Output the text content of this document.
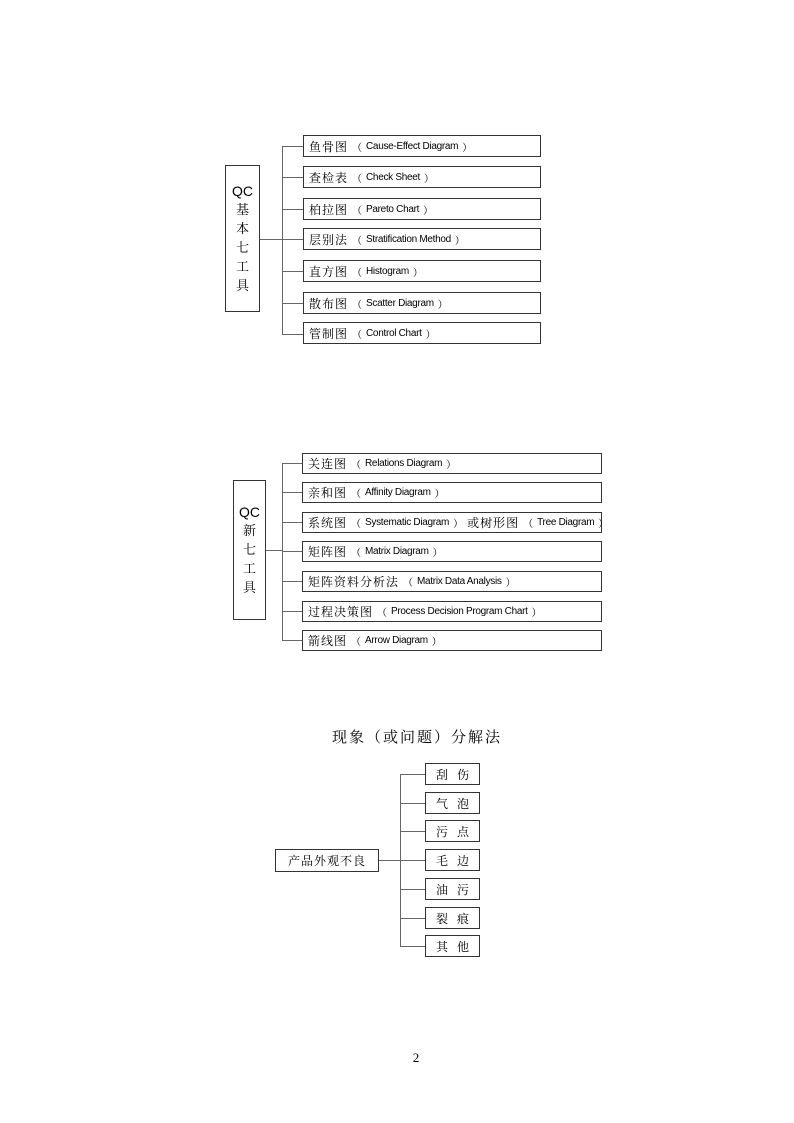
QC
基
本
七
工
具
鱼骨图 （ Cause-Effect Diagram ）
查检表 （ Check Sheet ）
柏拉图 （ Pareto Chart ）
层别法 （ Stratification Method ）
直方图 （ Histogram ）
散布图 （ Scatter Diagram ）
管制图 （ Control Chart ）
QC
新
七
工
具
关连图 （ Relations Diagram ）
亲和图 （ Affinity Diagram ）
系统图 （ Systematic Diagram ） 或树形图 （ Tree Diagram ）
矩阵图 （ Matrix Diagram ）
矩阵资料分析法 （ Matrix Data Analysis ）
过程决策图 （ Process Decision Program Chart ）
箭线图 （ Arrow Diagram ）
现象（或问题）分解法
产品外观不良
刮伤
气泡
污点
毛边
油污
裂痕
其他
2
